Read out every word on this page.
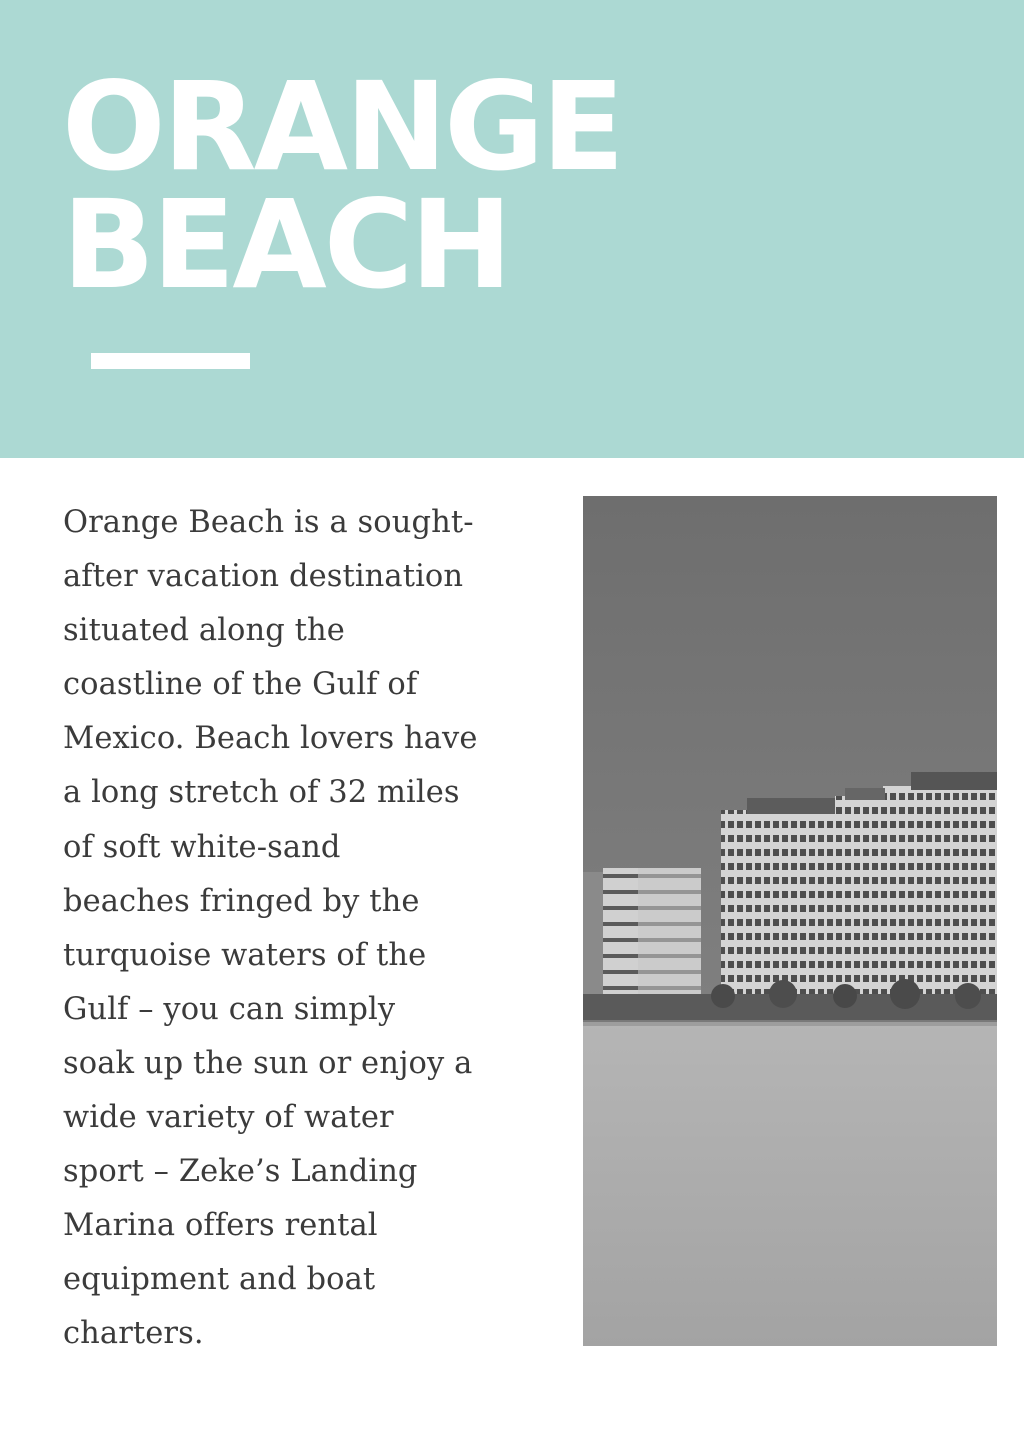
ORANGE
BEACH

Orange Beach is a sought-
after vacation destination
situated along the
coastline of the Gulf of
Mexico. Beach lovers have
a long stretch of 32 miles
of soft white-sand
beaches fringed by the
turquoise waters of the
Gulf – you can simply
soak up the sun or enjoy a
wide variety of water
sport – Zeke’s Landing
Marina offers rental
equipment and boat
charters.
